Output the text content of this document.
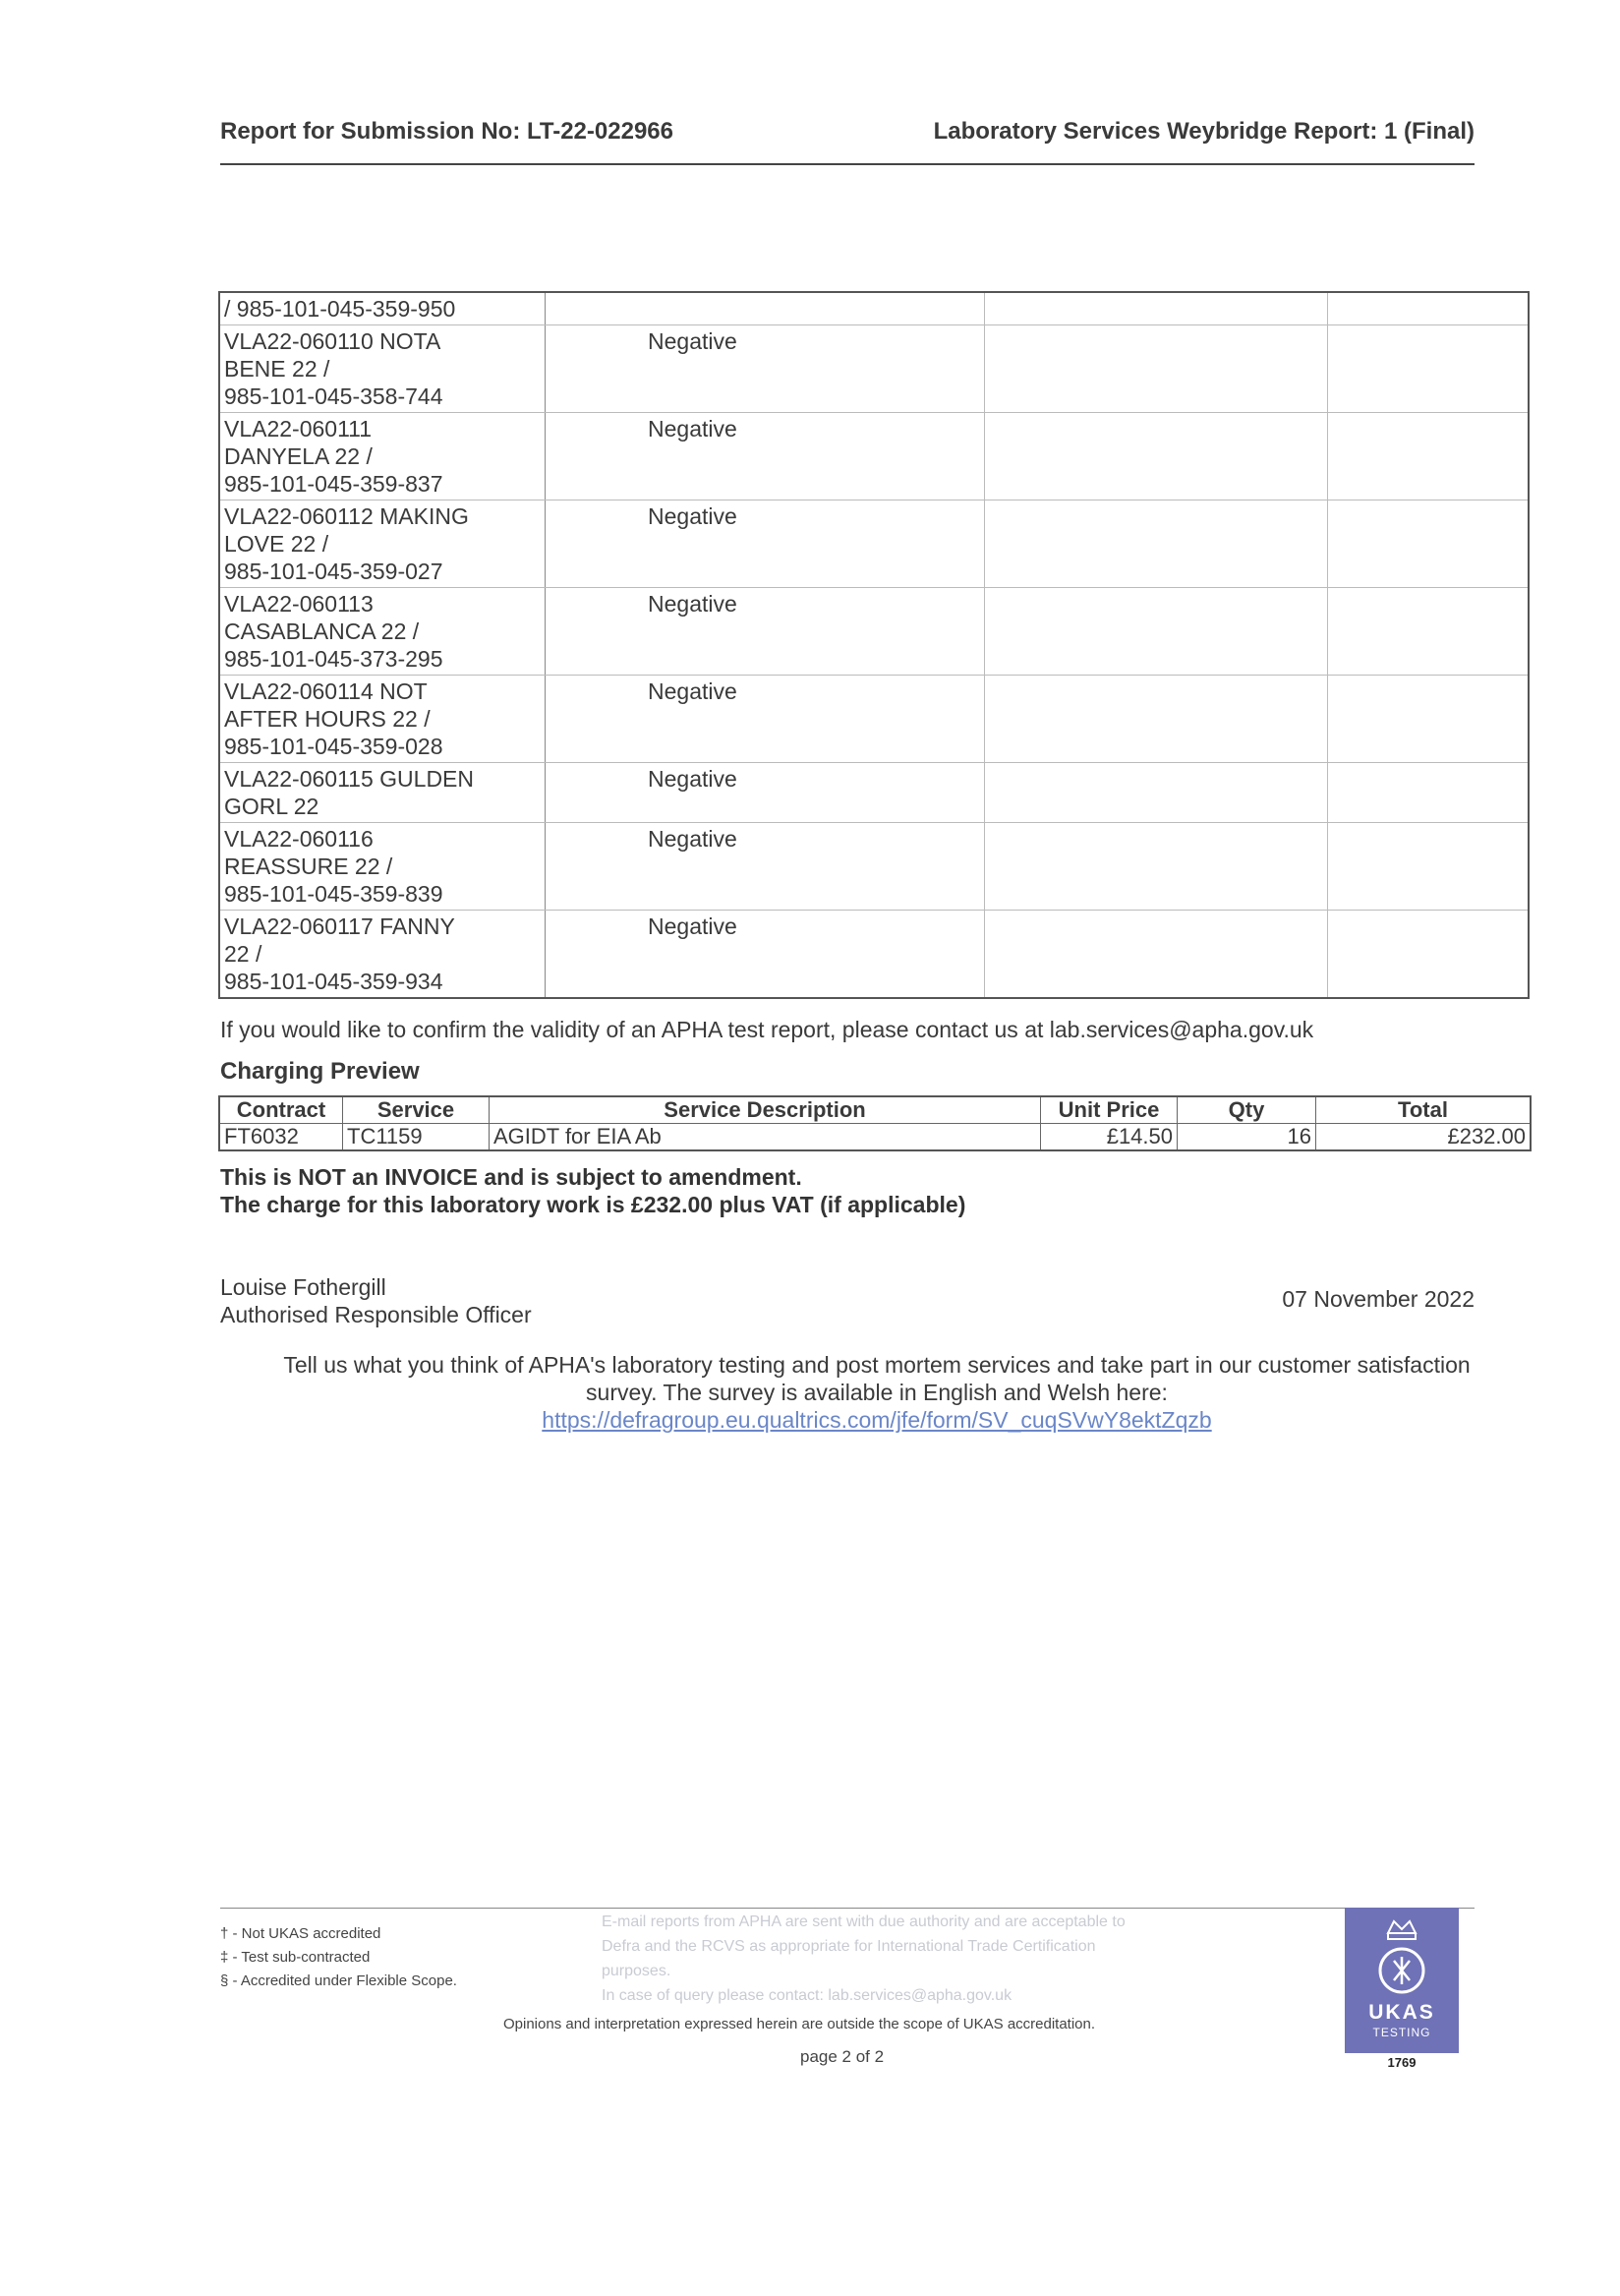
Report for Submission No: LT-22-022966	Laboratory Services Weybridge Report: 1 (Final)
/ 985-101-045-359-950			

VLA22-060110 NOTA
BENE 22 /
985-101-045-358-744	Negative		

VLA22-060111
DANYELA 22 /
985-101-045-359-837	Negative		

VLA22-060112 MAKING
LOVE 22 /
985-101-045-359-027	Negative		

VLA22-060113
CASABLANCA 22 /
985-101-045-373-295	Negative		

VLA22-060114 NOT
AFTER HOURS 22 /
985-101-045-359-028	Negative		

VLA22-060115 GULDEN
GORL 22	Negative		

VLA22-060116
REASSURE 22 /
985-101-045-359-839	Negative		

VLA22-060117 FANNY
22 /
985-101-045-359-934	Negative		
If you would like to confirm the validity of an APHA test report, please contact us at lab.services@apha.gov.uk
Charging Preview
Contract	Service	Service Description	Unit Price	Qty	Total
FT6032	TC1159	AGIDT for EIA Ab	£14.50	16	£232.00
This is NOT an INVOICE and is subject to amendment.
The charge for this laboratory work is £232.00 plus VAT (if applicable)
Louise Fothergill
Authorised Responsible Officer
07 November 2022
Tell us what you think of APHA's laboratory testing and post mortem services and take part in our customer satisfaction
survey. The survey is available in English and Welsh here:
https://defragroup.eu.qualtrics.com/jfe/form/SV_cuqSVwY8ektZqzb
† - Not UKAS accredited
‡ - Test sub-contracted
§ - Accredited under Flexible Scope.
E-mail reports from APHA are sent with due authority and are acceptable to
Defra and the RCVS as appropriate for International Trade Certification
purposes.
In case of query please contact: lab.services@apha.gov.uk
Opinions and interpretation expressed herein are outside the scope of UKAS accreditation.
page 2 of 2
UKAS
TESTING
1769
